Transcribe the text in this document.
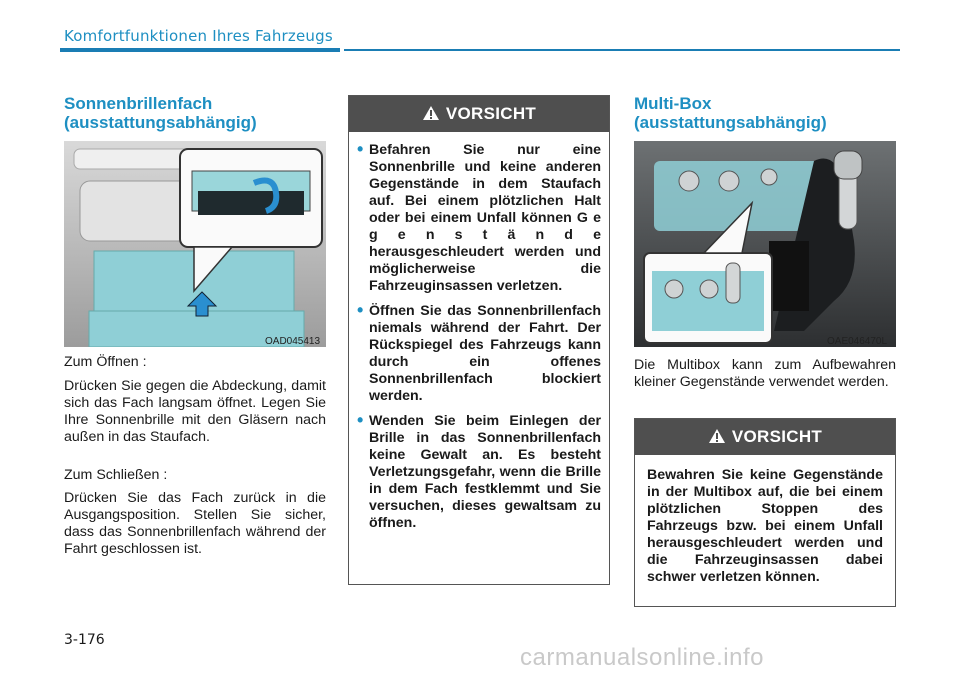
Komfortfunktionen Ihres Fahrzeugs
Sonnenbrillenfach
(ausstattungsabhängig)
OAD045413
Zum Öffnen :
Drücken Sie gegen die Abdeckung, damit sich das Fach langsam öffnet. Legen Sie Ihre Sonnenbrille mit den Gläsern nach außen in das Staufach.
Zum Schließen :
Drücken Sie das Fach zurück in die Ausgangsposition. Stellen Sie sicher, dass das Sonnenbrillenfach während der Fahrt geschlossen ist.
VORSICHT
• Befahren Sie nur eine Sonnenbrille und keine anderen Gegenstände in dem Staufach auf. Bei einem plötzlichen Halt oder bei einem Unfall können G e g e n s t ä n d e herausgeschleudert werden und möglicherweise die Fahrzeuginsassen verletzen.
• Öffnen Sie das Sonnenbrillenfach niemals während der Fahrt. Der Rückspiegel des Fahrzeugs kann durch ein offenes Sonnenbrillenfach blockiert werden.
• Wenden Sie beim Einlegen der Brille in das Sonnenbrillenfach keine Gewalt an. Es besteht Verletzungsgefahr, wenn die Brille in dem Fach festklemmt und Sie versuchen, dieses gewaltsam zu öffnen.
Multi-Box
(ausstattungsabhängig)
OAE046470L
Die Multibox kann zum Aufbewahren kleiner Gegenstände verwendet werden.
VORSICHT
Bewahren Sie keine Gegenstände in der Multibox auf, die bei einem plötzlichen Stoppen des Fahrzeugs bzw. bei einem Unfall herausgeschleudert werden und die Fahrzeuginsassen dabei schwer verletzen können.
3-176
carmanualsonline.info
